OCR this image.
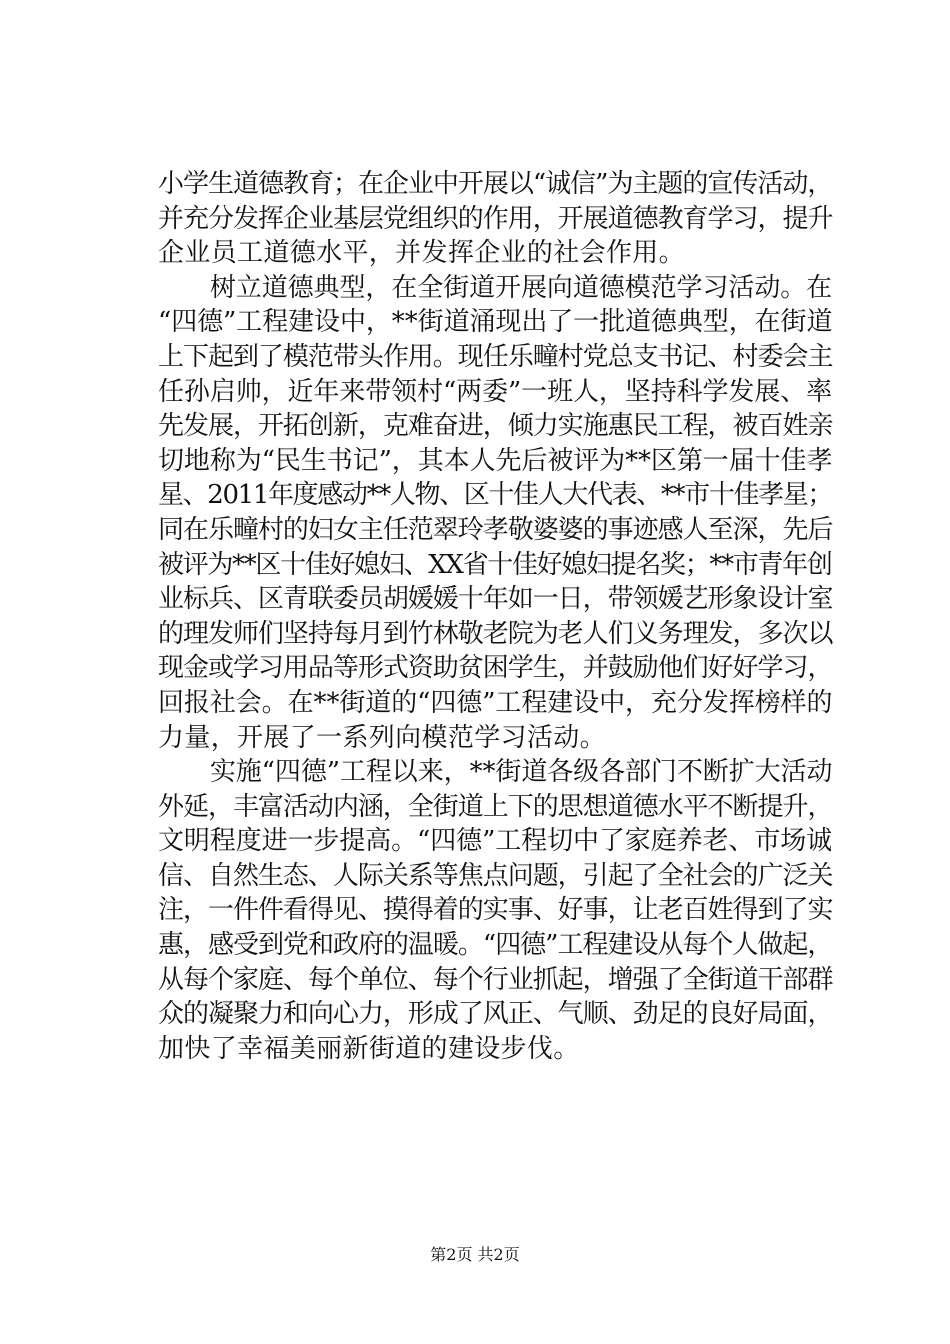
小学生道德教育；在企业中开展以“诚信”为主题的宣传活动，
并充分发挥企业基层党组织的作用，开展道德教育学习，提升
企业员工道德水平，并发挥企业的社会作用。
　　树立道德典型，在全街道开展向道德模范学习活动。在
“四德”工程建设中，**街道涌现出了一批道德典型，在街道
上下起到了模范带头作用。现任乐疃村党总支书记、村委会主
任孙启帅，近年来带领村“两委”一班人，坚持科学发展、率
先发展，开拓创新，克难奋进，倾力实施惠民工程，被百姓亲
切地称为“民生书记”，其本人先后被评为**区第一届十佳孝
星、2011年度感动**人物、区十佳人大代表、**市十佳孝星；
同在乐疃村的妇女主任范翠玲孝敬婆婆的事迹感人至深，先后
被评为**区十佳好媳妇、XX省十佳好媳妇提名奖；**市青年创
业标兵、区青联委员胡媛媛十年如一日，带领媛艺形象设计室
的理发师们坚持每月到竹林敬老院为老人们义务理发，多次以
现金或学习用品等形式资助贫困学生，并鼓励他们好好学习，
回报社会。在**街道的“四德”工程建设中，充分发挥榜样的
力量，开展了一系列向模范学习活动。
　　实施“四德”工程以来，**街道各级各部门不断扩大活动
外延，丰富活动内涵，全街道上下的思想道德水平不断提升，
文明程度进一步提高。“四德”工程切中了家庭养老、市场诚
信、自然生态、人际关系等焦点问题，引起了全社会的广泛关
注，一件件看得见、摸得着的实事、好事，让老百姓得到了实
惠，感受到党和政府的温暖。“四德”工程建设从每个人做起，
从每个家庭、每个单位、每个行业抓起，增强了全街道干部群
众的凝聚力和向心力，形成了风正、气顺、劲足的良好局面，
加快了幸福美丽新街道的建设步伐。
第2页 共2页
